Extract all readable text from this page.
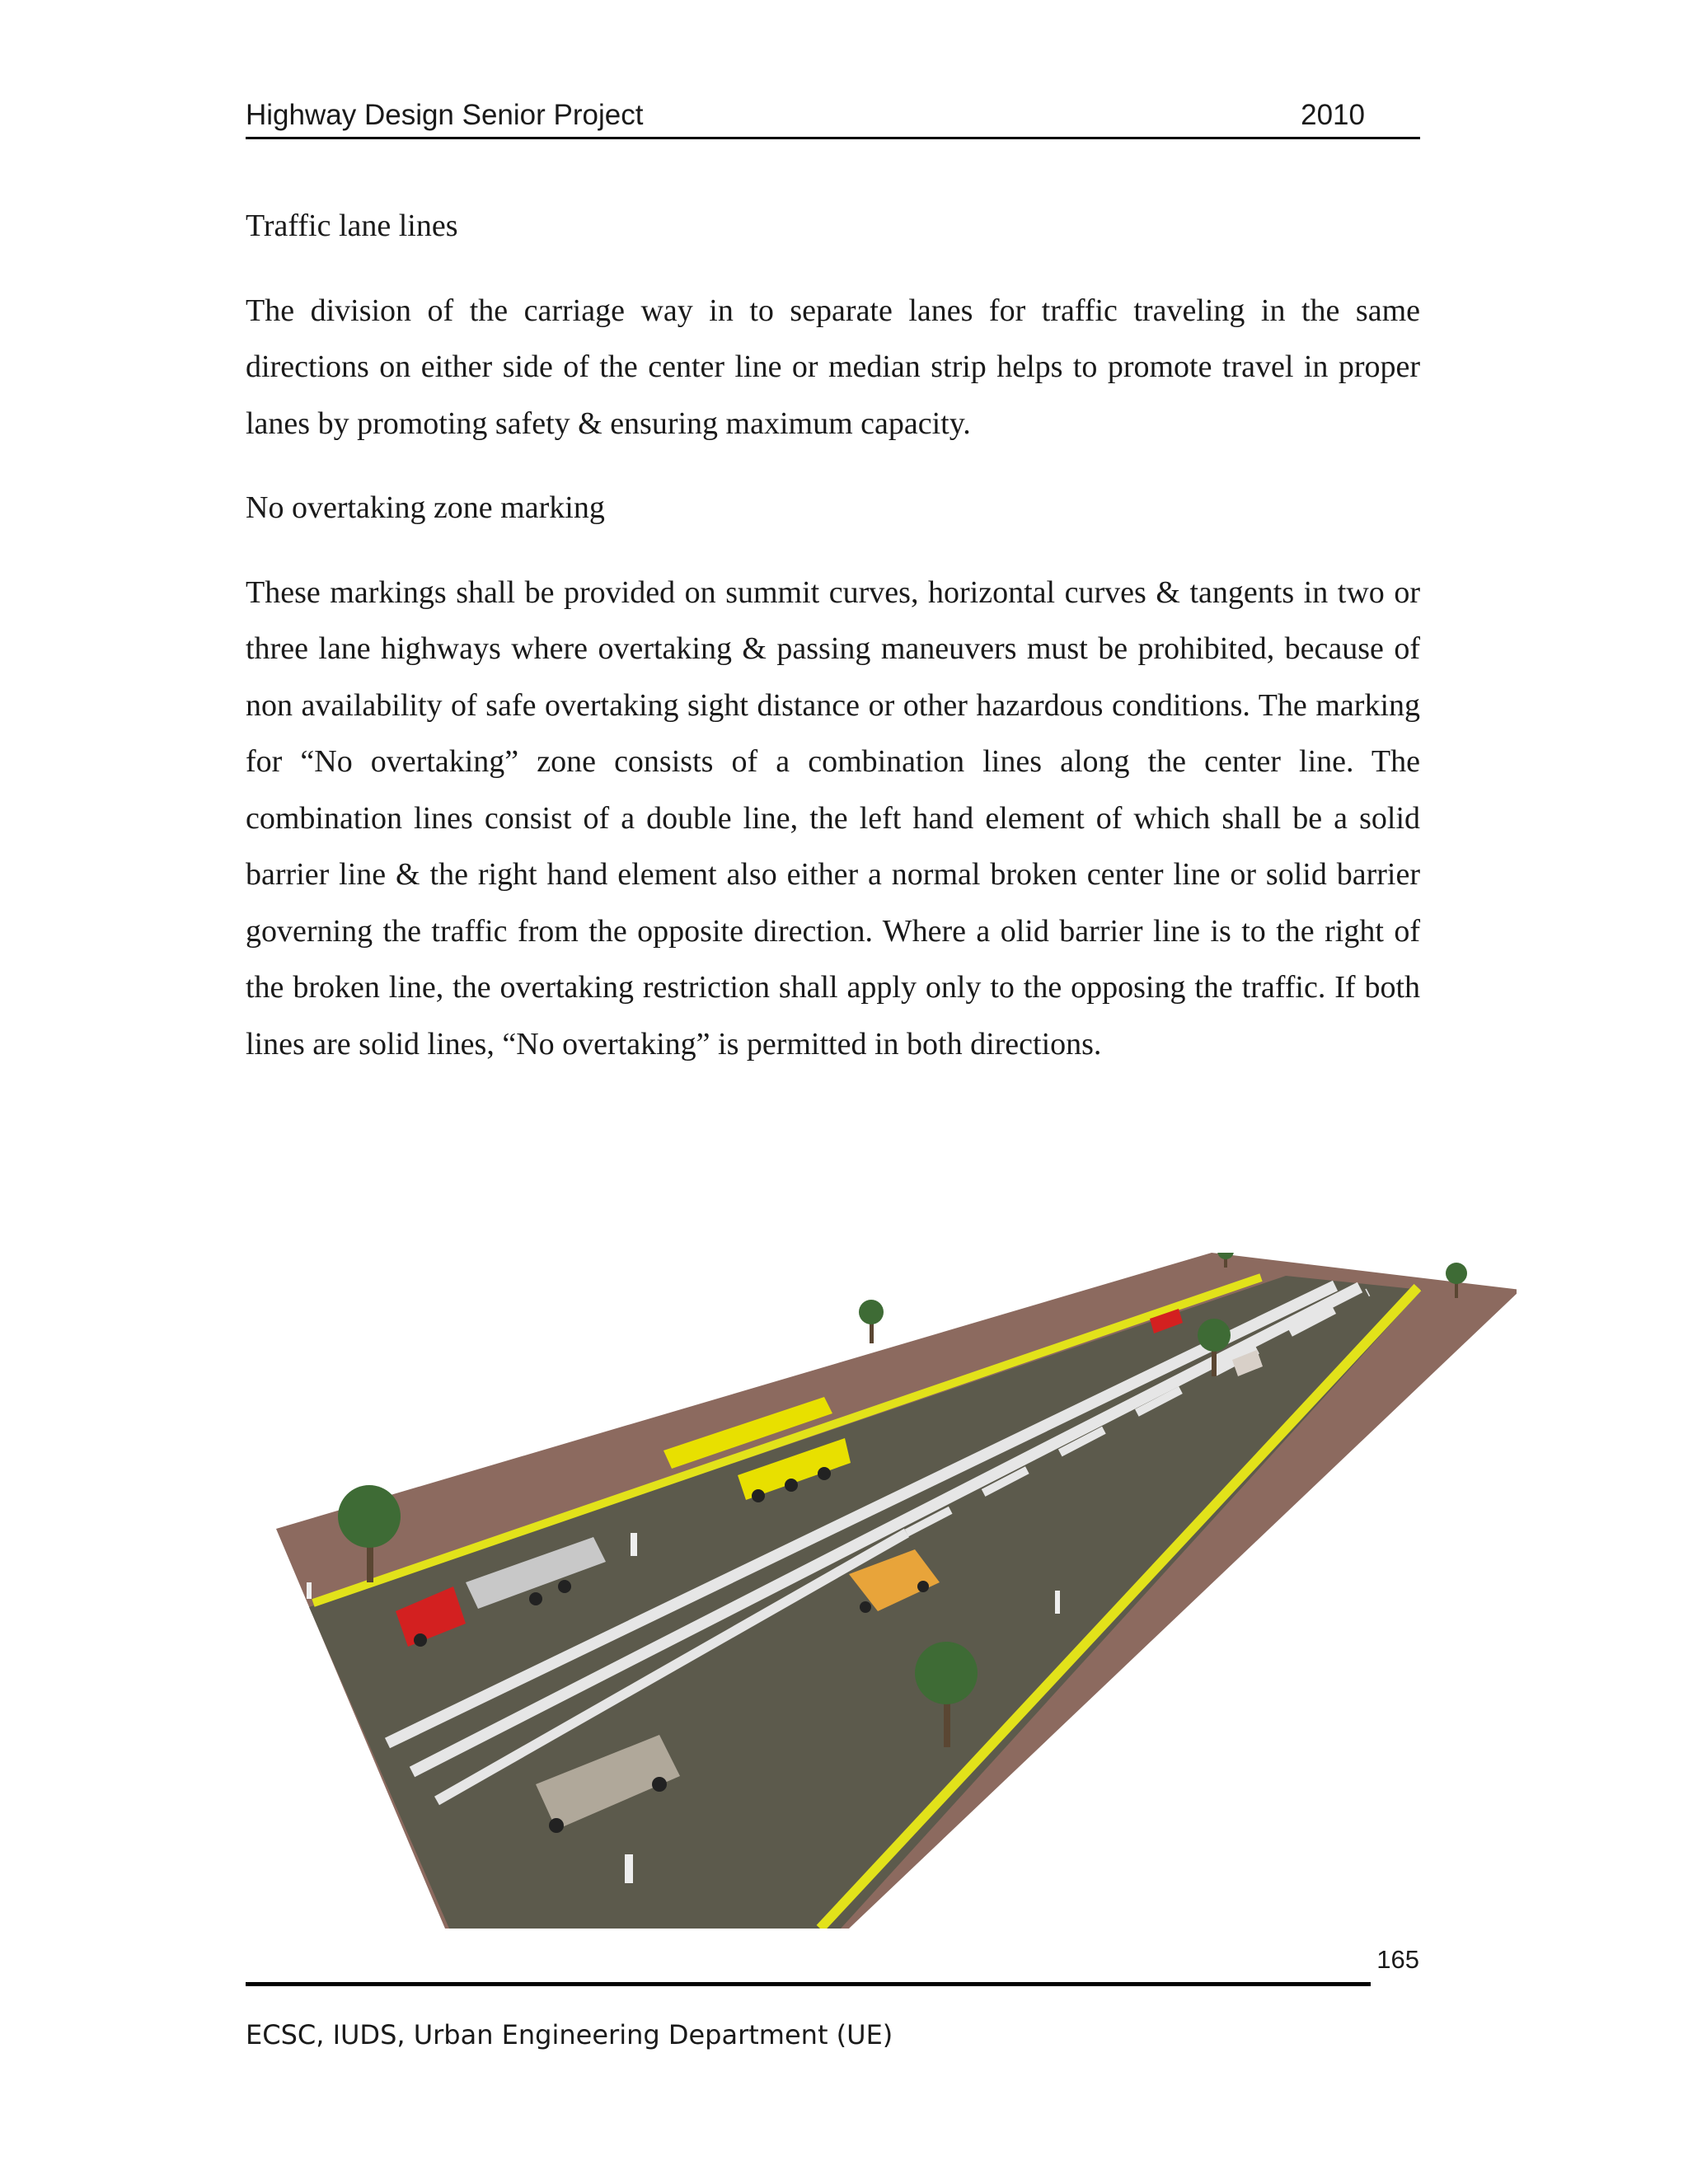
Highway Design Senior Project	2010
Traffic lane lines

The division of the carriage way in to separate lanes for traffic traveling in the same directions on either side of the center line or median strip helps to promote travel in proper lanes by promoting safety & ensuring maximum capacity.

No overtaking zone marking

These markings shall be provided on summit curves, horizontal curves & tangents in two or three lane highways where overtaking & passing maneuvers must be prohibited, because of non availability of safe overtaking sight distance or other hazardous conditions. The marking for “No overtaking” zone consists of a combination lines along the center line. The combination lines consist of a double line, the left hand element of which shall be a solid barrier line & the right hand element also either a normal broken center line or solid barrier governing the traffic from the opposite direction. Where a olid barrier line is to the right of the broken line, the overtaking restriction shall apply only to the opposing the traffic. If both lines are solid lines, “No overtaking” is permitted in both directions.

165
ECSC, IUDS, Urban Engineering Department (UE)
